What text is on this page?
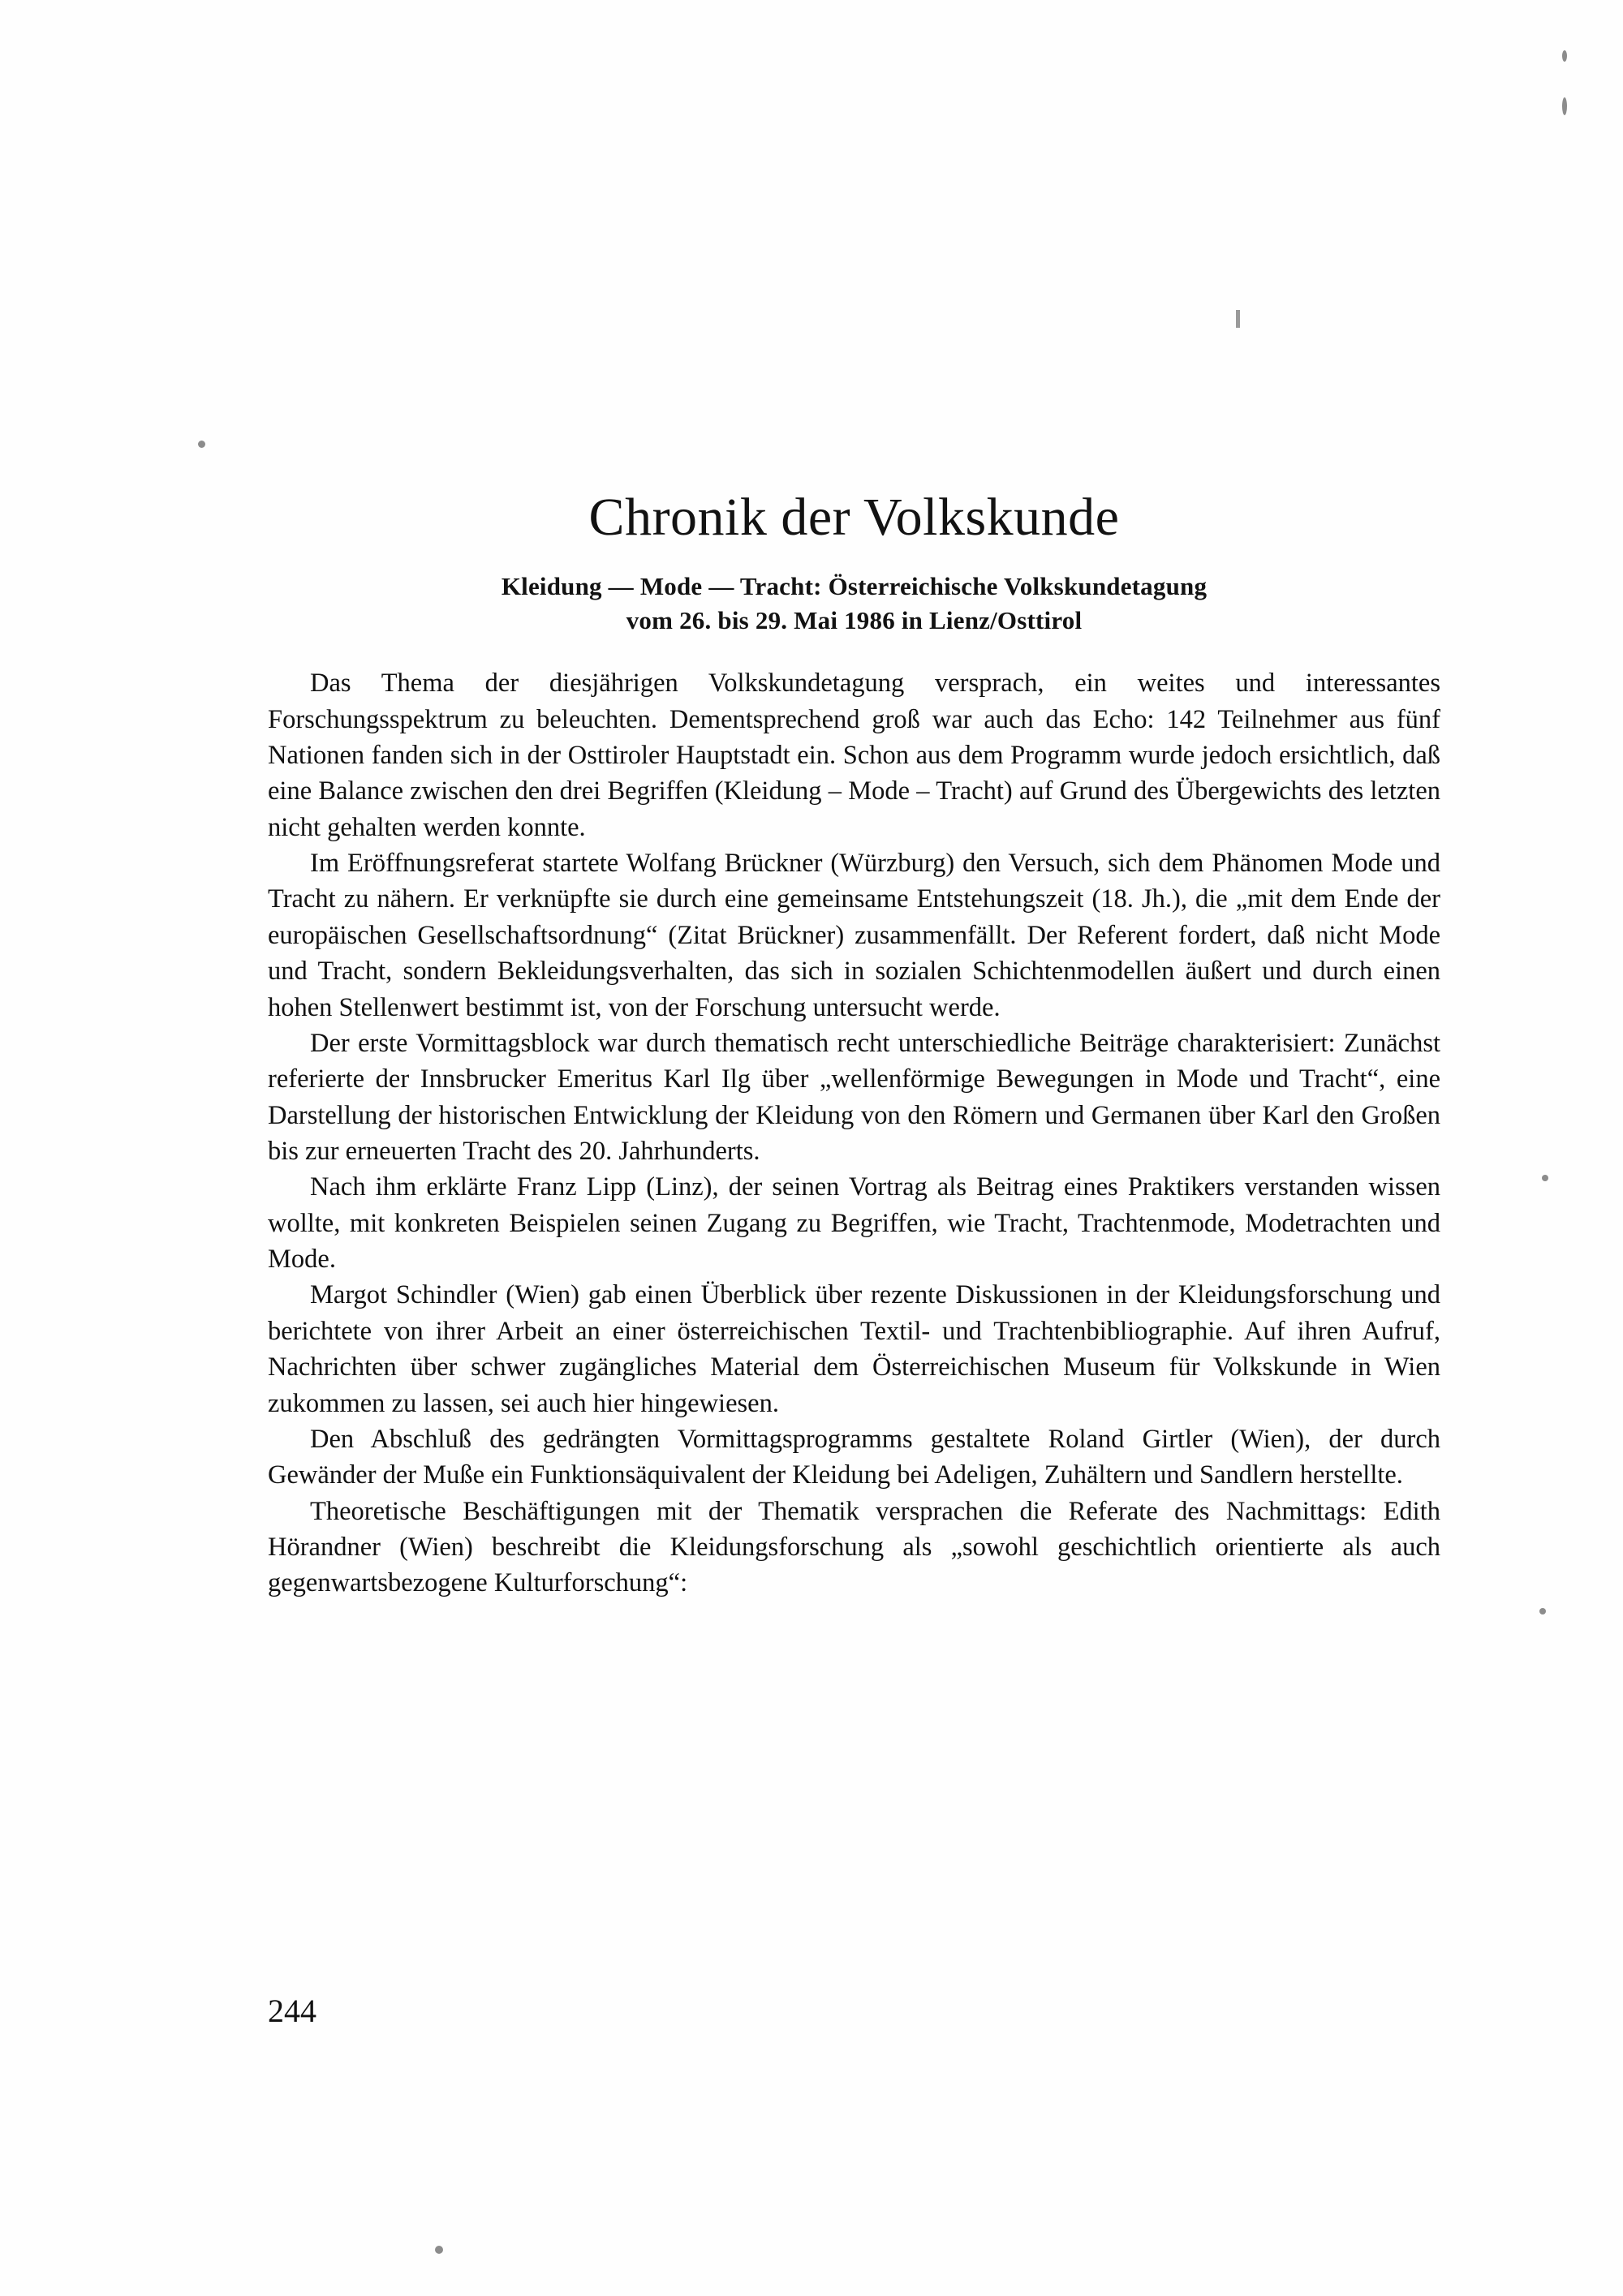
Chronik der Volkskunde
Kleidung — Mode — Tracht: Österreichische Volkskundetagung
vom 26. bis 29. Mai 1986 in Lienz/Osttirol

Das Thema der diesjährigen Volkskundetagung versprach, ein weites und interessantes Forschungsspektrum zu beleuchten. Dementsprechend groß war auch das Echo: 142 Teilnehmer aus fünf Nationen fanden sich in der Osttiroler Hauptstadt ein. Schon aus dem Programm wurde jedoch ersichtlich, daß eine Balance zwischen den drei Begriffen (Kleidung – Mode – Tracht) auf Grund des Übergewichts des letzten nicht gehalten werden konnte.

Im Eröffnungsreferat startete Wolfang Brückner (Würzburg) den Versuch, sich dem Phänomen Mode und Tracht zu nähern. Er verknüpfte sie durch eine gemeinsame Entstehungszeit (18. Jh.), die „mit dem Ende der europäischen Gesellschaftsordnung“ (Zitat Brückner) zusammenfällt. Der Referent fordert, daß nicht Mode und Tracht, sondern Bekleidungsverhalten, das sich in sozialen Schichtenmodellen äußert und durch einen hohen Stellenwert bestimmt ist, von der Forschung untersucht werde.

Der erste Vormittagsblock war durch thematisch recht unterschiedliche Beiträge charakterisiert: Zunächst referierte der Innsbrucker Emeritus Karl Ilg über „wellenförmige Bewegungen in Mode und Tracht“, eine Darstellung der historischen Entwicklung der Kleidung von den Römern und Germanen über Karl den Großen bis zur erneuerten Tracht des 20. Jahrhunderts.

Nach ihm erklärte Franz Lipp (Linz), der seinen Vortrag als Beitrag eines Praktikers verstanden wissen wollte, mit konkreten Beispielen seinen Zugang zu Begriffen, wie Tracht, Trachtenmode, Modetrachten und Mode.

Margot Schindler (Wien) gab einen Überblick über rezente Diskussionen in der Kleidungsforschung und berichtete von ihrer Arbeit an einer österreichischen Textil- und Trachtenbibliographie. Auf ihren Aufruf, Nachrichten über schwer zugängliches Material dem Österreichischen Museum für Volkskunde in Wien zukommen zu lassen, sei auch hier hingewiesen.

Den Abschluß des gedrängten Vormittagsprogramms gestaltete Roland Girtler (Wien), der durch Gewänder der Muße ein Funktionsäquivalent der Kleidung bei Adeligen, Zuhältern und Sandlern herstellte.

Theoretische Beschäftigungen mit der Thematik versprachen die Referate des Nachmittags: Edith Hörandner (Wien) beschreibt die Kleidungsforschung als „sowohl geschichtlich orientierte als auch gegenwartsbezogene Kulturforschung“:

244
